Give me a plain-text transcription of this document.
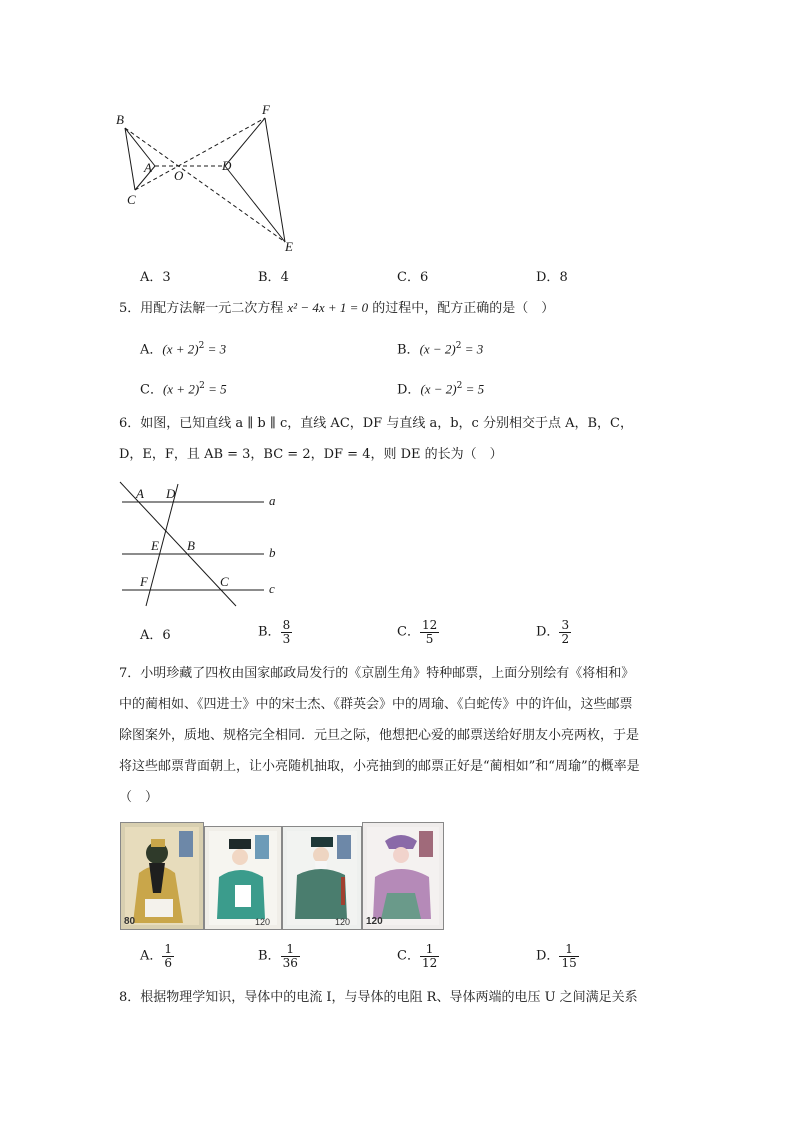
B
F
A
O
D
C
E
A．3	B．4	C．6	D．8
5．用配方法解一元二次方程 x² − 4x + 1 = 0 的过程中，配方正确的是（　）
A．$(x + 2)^2 = 3$	B．$(x - 2)^2 = 3$
C．$(x + 2)^2 = 5$	D．$(x - 2)^2 = 5$
6．如图，已知直线 a ∥ b ∥ c，直线 AC，DF 与直线 a，b，c 分别相交于点 A，B，C，
D，E，F，且 AB = 3，BC = 2，DF = 4，则 DE 的长为（　）
A D	a
E B	b
F	C	c
A．6	B． $\frac{8}{3}$	C． $\frac{12}{5}$	D． $\frac{3}{2}$
7．小明珍藏了四枚由国家邮政局发行的《京剧生角》特种邮票，上面分别绘有《将相和》
中的蔺相如、《四进士》中的宋士杰、《群英会》中的周瑜、《白蛇传》中的许仙，这些邮票
除图案外，质地、规格完全相同．元旦之际，他想把心爱的邮票送给好朋友小亮两枚，于是
将这些邮票背面朝上，让小亮随机抽取，小亮抽到的邮票正好是“蔺相如”和“周瑜”的概率是
（　）
80	120	120 120
A． $\frac{1}{6}$	B． $\frac{1}{36}$	C． $\frac{1}{12}$	D． $\frac{1}{15}$
8．根据物理学知识，导体中的电流 I，与导体的电阻 R、导体两端的电压 U 之间满足关系
